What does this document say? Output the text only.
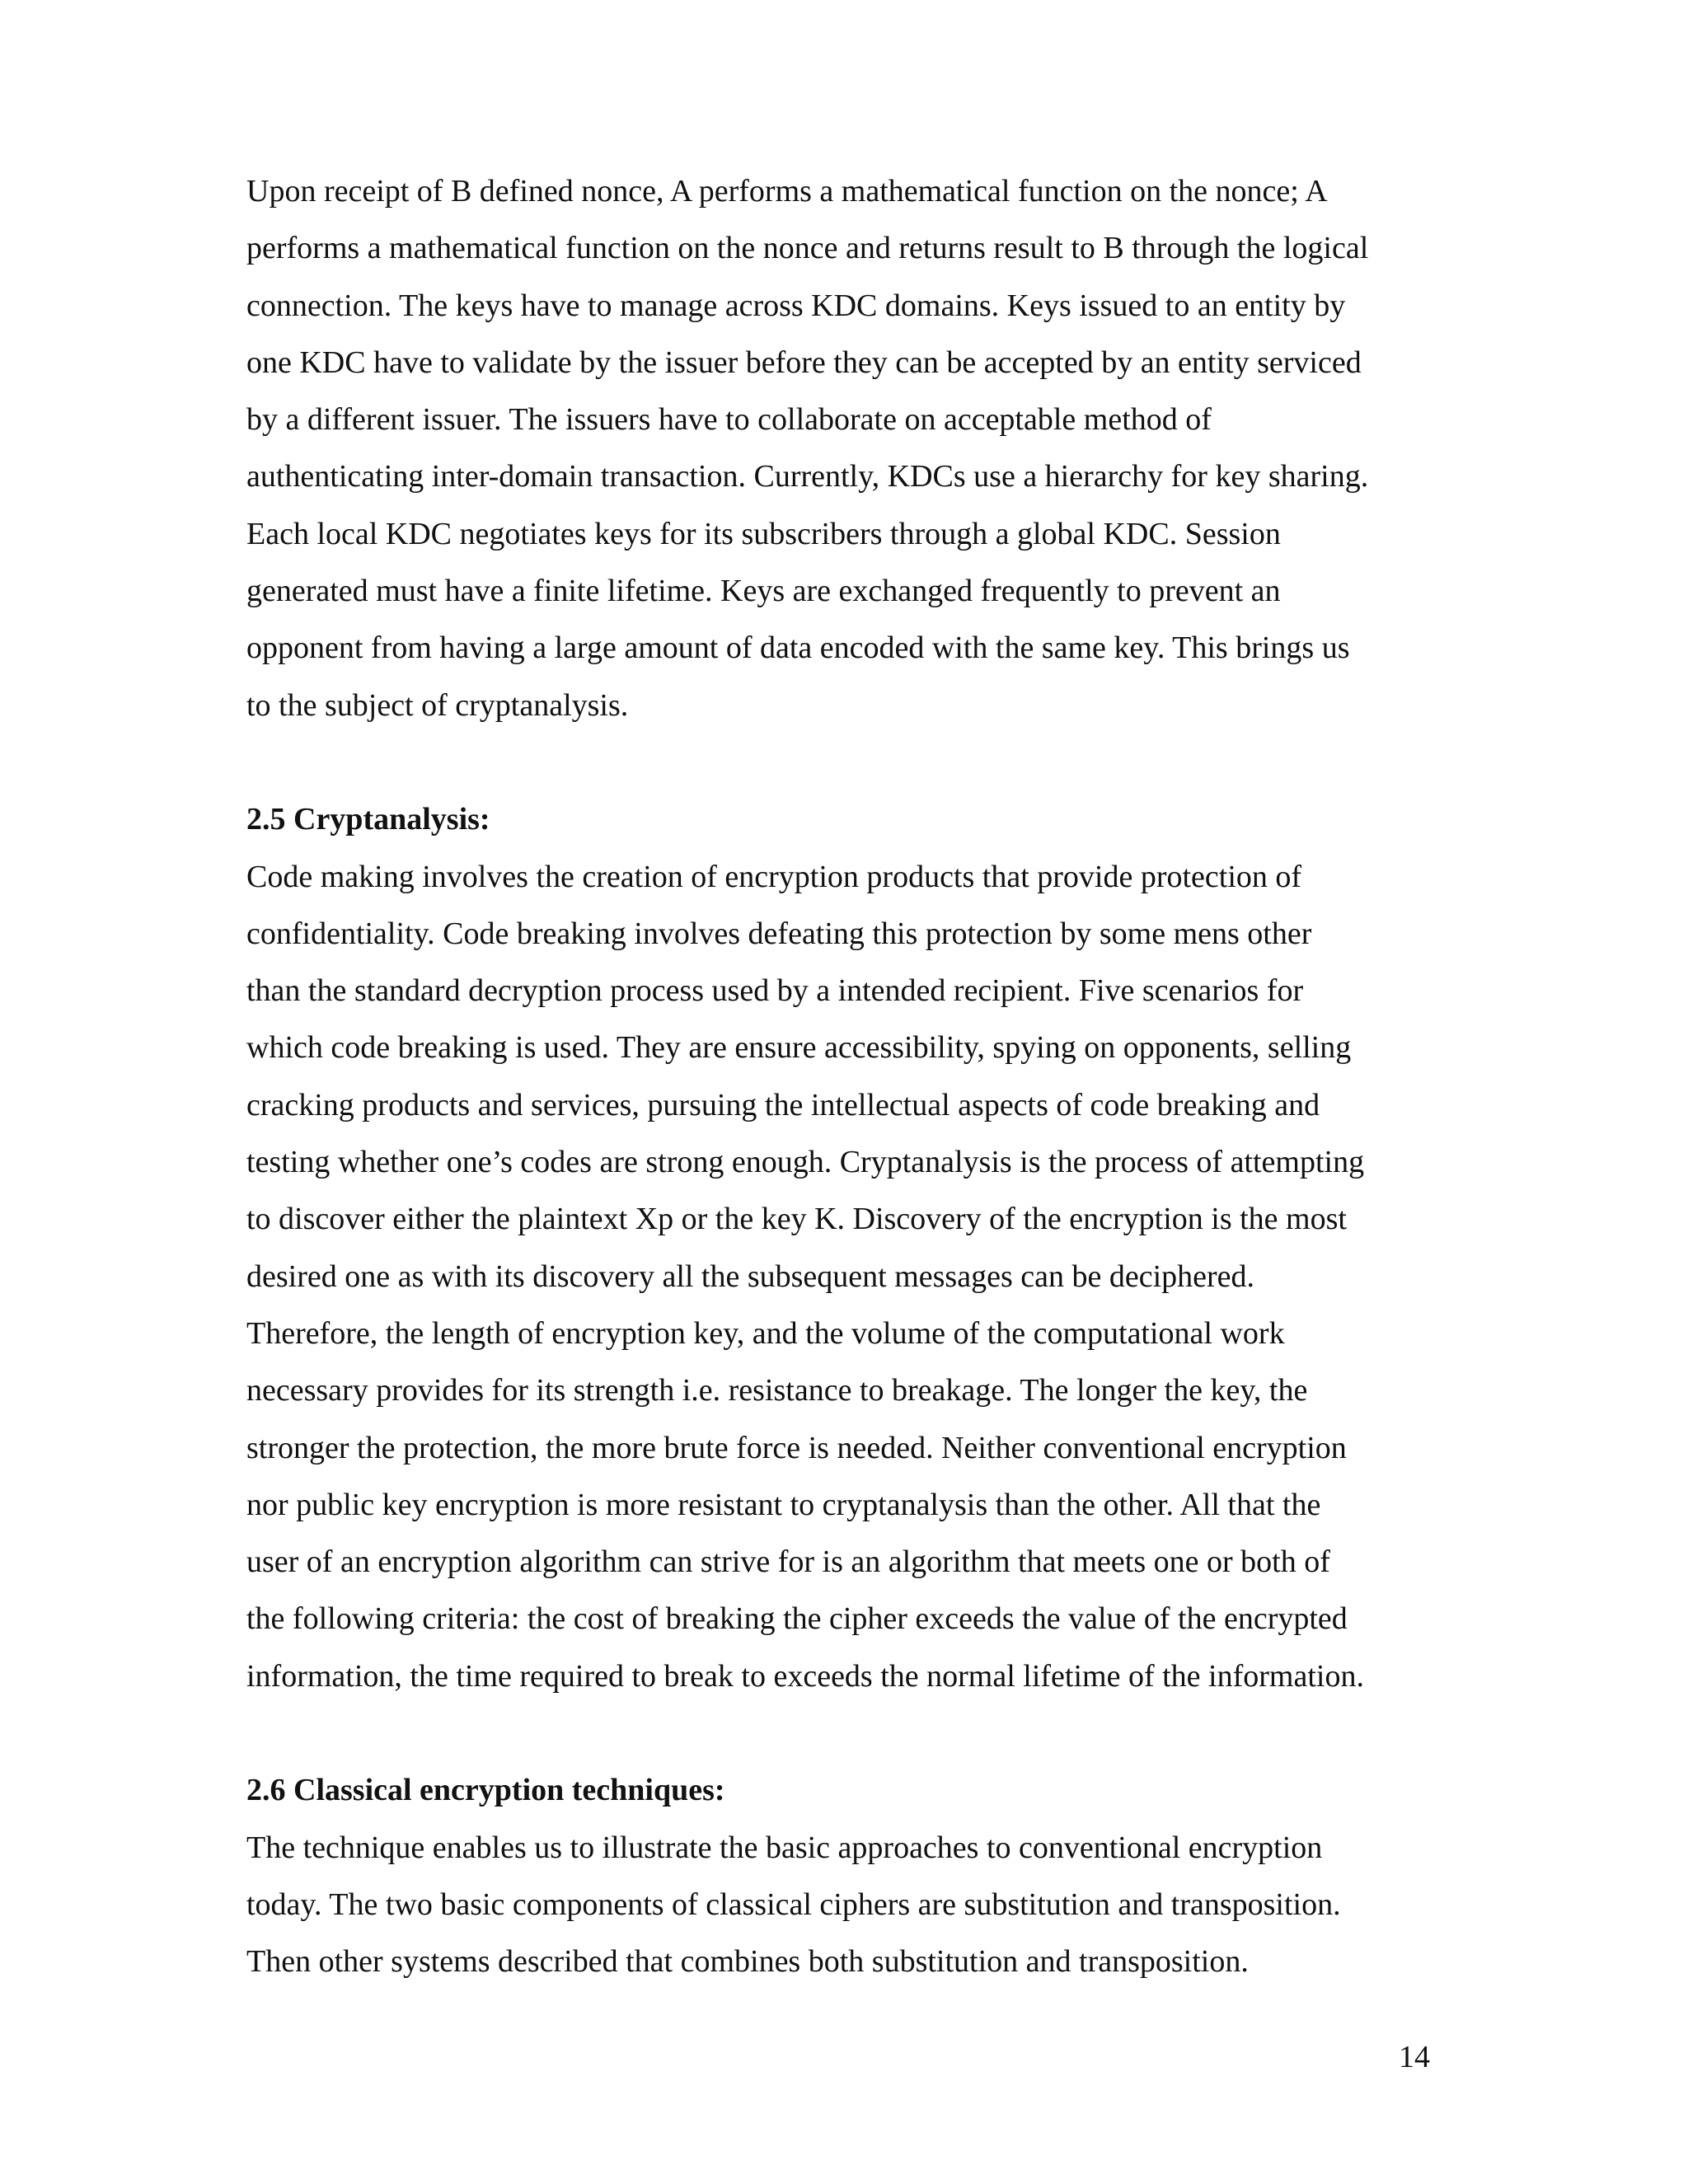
Upon receipt of B defined nonce, A performs a mathematical function on the nonce; A
performs a mathematical function on the nonce and returns result to B through the logical
connection. The keys have to manage across KDC domains. Keys issued to an entity by
one KDC have to validate by the issuer before they can be accepted by an entity serviced
by a different issuer. The issuers have to collaborate on acceptable method of
authenticating inter-domain transaction. Currently, KDCs use a hierarchy for key sharing.
Each local KDC negotiates keys for its subscribers through a global KDC. Session
generated must have a finite lifetime. Keys are exchanged frequently to prevent an
opponent from having a large amount of data encoded with the same key. This brings us
to the subject of cryptanalysis.
2.5 Cryptanalysis:
Code making involves the creation of encryption products that provide protection of
confidentiality. Code breaking involves defeating this protection by some mens other
than the standard decryption process used by a intended recipient. Five scenarios for
which code breaking is used. They are ensure accessibility, spying on opponents, selling
cracking products and services, pursuing the intellectual aspects of code breaking and
testing whether one’s codes are strong enough. Cryptanalysis is the process of attempting
to discover either the plaintext Xp or the key K. Discovery of the encryption is the most
desired one as with its discovery all the subsequent messages can be deciphered.
Therefore, the length of encryption key, and the volume of the computational work
necessary provides for its strength i.e. resistance to breakage. The longer the key, the
stronger the protection, the more brute force is needed. Neither conventional encryption
nor public key encryption is more resistant to cryptanalysis than the other. All that the
user of an encryption algorithm can strive for is an algorithm that meets one or both of
the following criteria: the cost of breaking the cipher exceeds the value of the encrypted
information, the time required to break to exceeds the normal lifetime of the information.
2.6 Classical encryption techniques:
The technique enables us to illustrate the basic approaches to conventional encryption
today. The two basic components of classical ciphers are substitution and transposition.
Then other systems described that combines both substitution and transposition.
14
